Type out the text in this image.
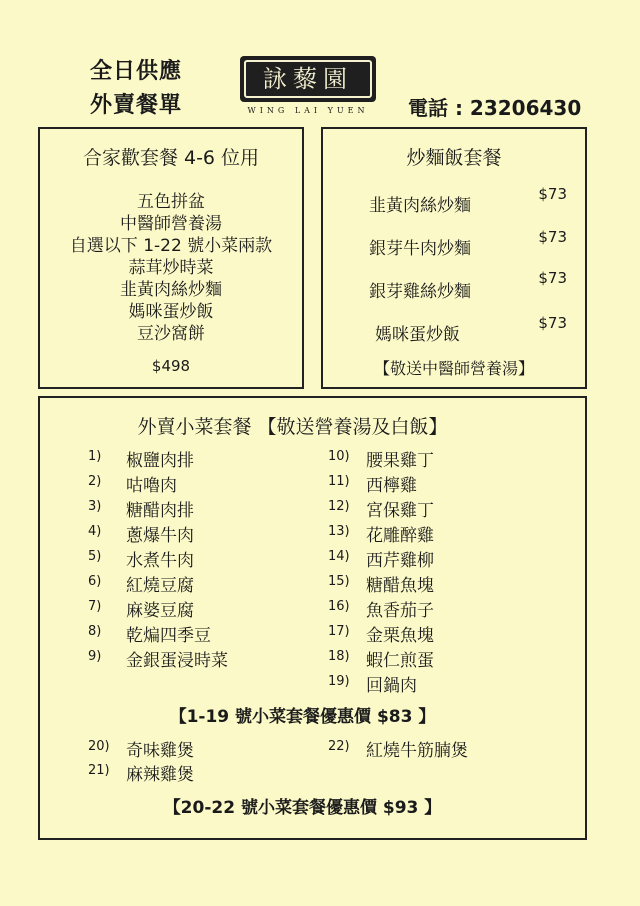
全日供應
外賣餐單
詠藜園
WING LAI YUEN	電話 : 23206430
合家歡套餐 4-6 位用
五色拼盆
中醫師營養湯
自選以下 1-22 號小菜兩款
蒜茸炒時菜
韭黃肉絲炒麵
媽咪蛋炒飯
豆沙窩餅
$498
炒麵飯套餐
韭黃肉絲炒麵
$73
銀芽牛肉炒麵
$73
銀芽雞絲炒麵
$73
媽咪蛋炒飯
$73
【敬送中醫師營養湯】
外賣小菜套餐 【敬送營養湯及白飯】
1)	椒鹽肉排
2)	咕嚕肉
3)	糖醋肉排
4)	蔥爆牛肉
5)	水煮牛肉
6)	紅燒豆腐
7)	麻婆豆腐
8)	乾煸四季豆
9)	金銀蛋浸時菜
10) 腰果雞丁
11) 西檸雞
12) 宮保雞丁
13) 花雕醉雞
14) 西芹雞柳
15) 糖醋魚塊
16) 魚香茄子
17) 金栗魚塊
18) 蝦仁煎蛋
19) 回鍋肉
【1-19 號小菜套餐優惠價 $83 】
20) 奇味雞煲
21) 麻辣雞煲
22) 紅燒牛筋腩煲
【20-22 號小菜套餐優惠價 $93 】
